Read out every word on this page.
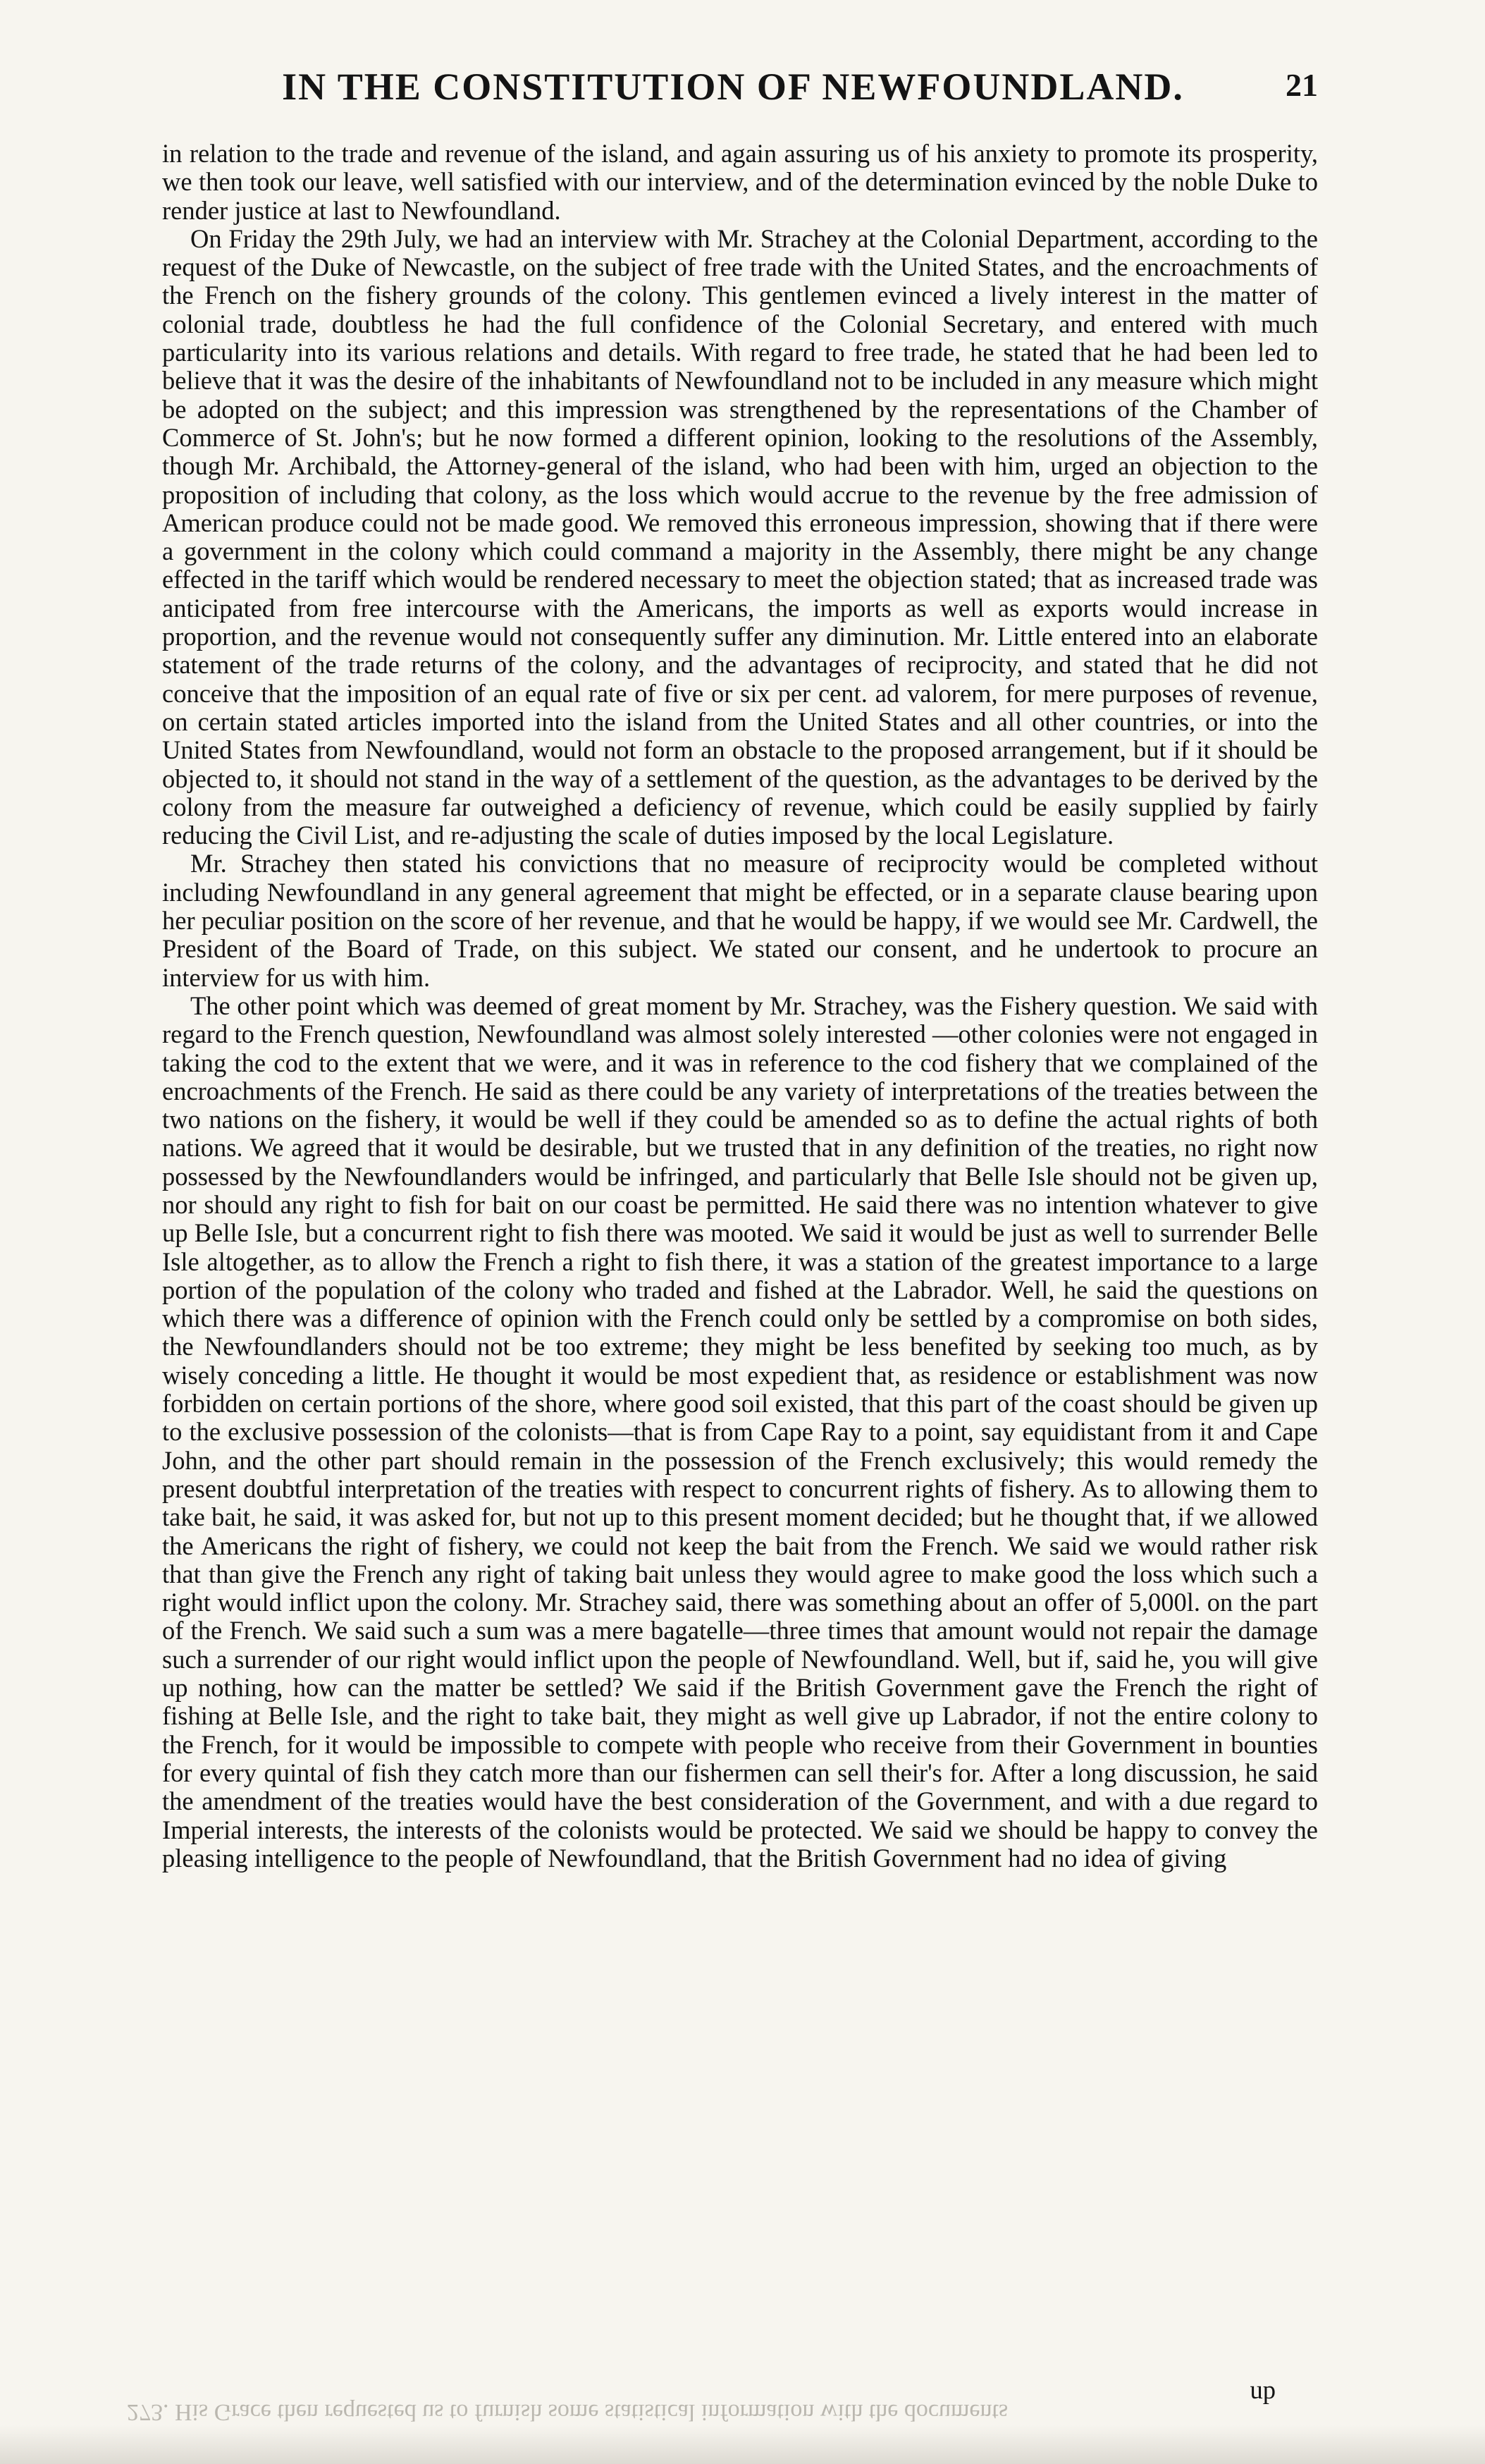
IN THE CONSTITUTION OF NEWFOUNDLAND.	21

in relation to the trade and revenue of the island, and again assuring us of his anxiety to promote its prosperity, we then took our leave, well satisfied with our interview, and of the determination evinced by the noble Duke to render justice at last to Newfoundland.

On Friday the 29th July, we had an interview with Mr. Strachey at the Colonial Department, according to the request of the Duke of Newcastle, on the subject of free trade with the United States, and the encroachments of the French on the fishery grounds of the colony. This gentlemen evinced a lively interest in the matter of colonial trade, doubtless he had the full confidence of the Colonial Secretary, and entered with much particularity into its various relations and details. With regard to free trade, he stated that he had been led to believe that it was the desire of the inhabitants of Newfoundland not to be included in any measure which might be adopted on the subject; and this impression was strengthened by the representations of the Chamber of Commerce of St. John's; but he now formed a different opinion, looking to the resolutions of the Assembly, though Mr. Archibald, the Attorney-general of the island, who had been with him, urged an objection to the proposition of including that colony, as the loss which would accrue to the revenue by the free admission of American produce could not be made good. We removed this erroneous impression, showing that if there were a government in the colony which could command a majority in the Assembly, there might be any change effected in the tariff which would be rendered necessary to meet the objection stated; that as increased trade was anticipated from free intercourse with the Americans, the imports as well as exports would increase in proportion, and the revenue would not consequently suffer any diminution. Mr. Little entered into an elaborate statement of the trade returns of the colony, and the advantages of reciprocity, and stated that he did not conceive that the imposition of an equal rate of five or six per cent. ad valorem, for mere purposes of revenue, on certain stated articles imported into the island from the United States and all other countries, or into the United States from Newfoundland, would not form an obstacle to the proposed arrangement, but if it should be objected to, it should not stand in the way of a settlement of the question, as the advantages to be derived by the colony from the measure far outweighed a deficiency of revenue, which could be easily supplied by fairly reducing the Civil List, and re-adjusting the scale of duties imposed by the local Legislature.

Mr. Strachey then stated his convictions that no measure of reciprocity would be completed without including Newfoundland in any general agreement that might be effected, or in a separate clause bearing upon her peculiar position on the score of her revenue, and that he would be happy, if we would see Mr. Cardwell, the President of the Board of Trade, on this subject. We stated our consent, and he undertook to procure an interview for us with him.

The other point which was deemed of great moment by Mr. Strachey, was the Fishery question. We said with regard to the French question, Newfoundland was almost solely interested —other colonies were not engaged in taking the cod to the extent that we were, and it was in reference to the cod fishery that we complained of the encroachments of the French. He said as there could be any variety of interpretations of the treaties between the two nations on the fishery, it would be well if they could be amended so as to define the actual rights of both nations. We agreed that it would be desirable, but we trusted that in any definition of the treaties, no right now possessed by the Newfoundlanders would be infringed, and particularly that Belle Isle should not be given up, nor should any right to fish for bait on our coast be permitted. He said there was no intention whatever to give up Belle Isle, but a concurrent right to fish there was mooted. We said it would be just as well to surrender Belle Isle altogether, as to allow the French a right to fish there, it was a station of the greatest importance to a large portion of the population of the colony who traded and fished at the Labrador. Well, he said the questions on which there was a difference of opinion with the French could only be settled by a compromise on both sides, the Newfoundlanders should not be too extreme; they might be less benefited by seeking too much, as by wisely conceding a little. He thought it would be most expedient that, as residence or establishment was now forbidden on certain portions of the shore, where good soil existed, that this part of the coast should be given up to the exclusive possession of the colonists—that is from Cape Ray to a point, say equidistant from it and Cape John, and the other part should remain in the possession of the French exclusively; this would remedy the present doubtful interpretation of the treaties with respect to concurrent rights of fishery. As to allowing them to take bait, he said, it was asked for, but not up to this present moment decided; but he thought that, if we allowed the Americans the right of fishery, we could not keep the bait from the French. We said we would rather risk that than give the French any right of taking bait unless they would agree to make good the loss which such a right would inflict upon the colony. Mr. Strachey said, there was something about an offer of 5,000l. on the part of the French. We said such a sum was a mere bagatelle—three times that amount would not repair the damage such a surrender of our right would inflict upon the people of Newfoundland. Well, but if, said he, you will give up nothing, how can the matter be settled? We said if the British Government gave the French the right of fishing at Belle Isle, and the right to take bait, they might as well give up Labrador, if not the entire colony to the French, for it would be impossible to compete with people who receive from their Government in bounties for every quintal of fish they catch more than our fishermen can sell their's for. After a long discussion, he said the amendment of the treaties would have the best consideration of the Government, and with a due regard to Imperial interests, the interests of the colonists would be protected. We said we should be happy to convey the pleasing intelligence to the people of Newfoundland, that the British Government had no idea of giving

up
273. His Grace then requested us to furnish some statistical information with the documents
